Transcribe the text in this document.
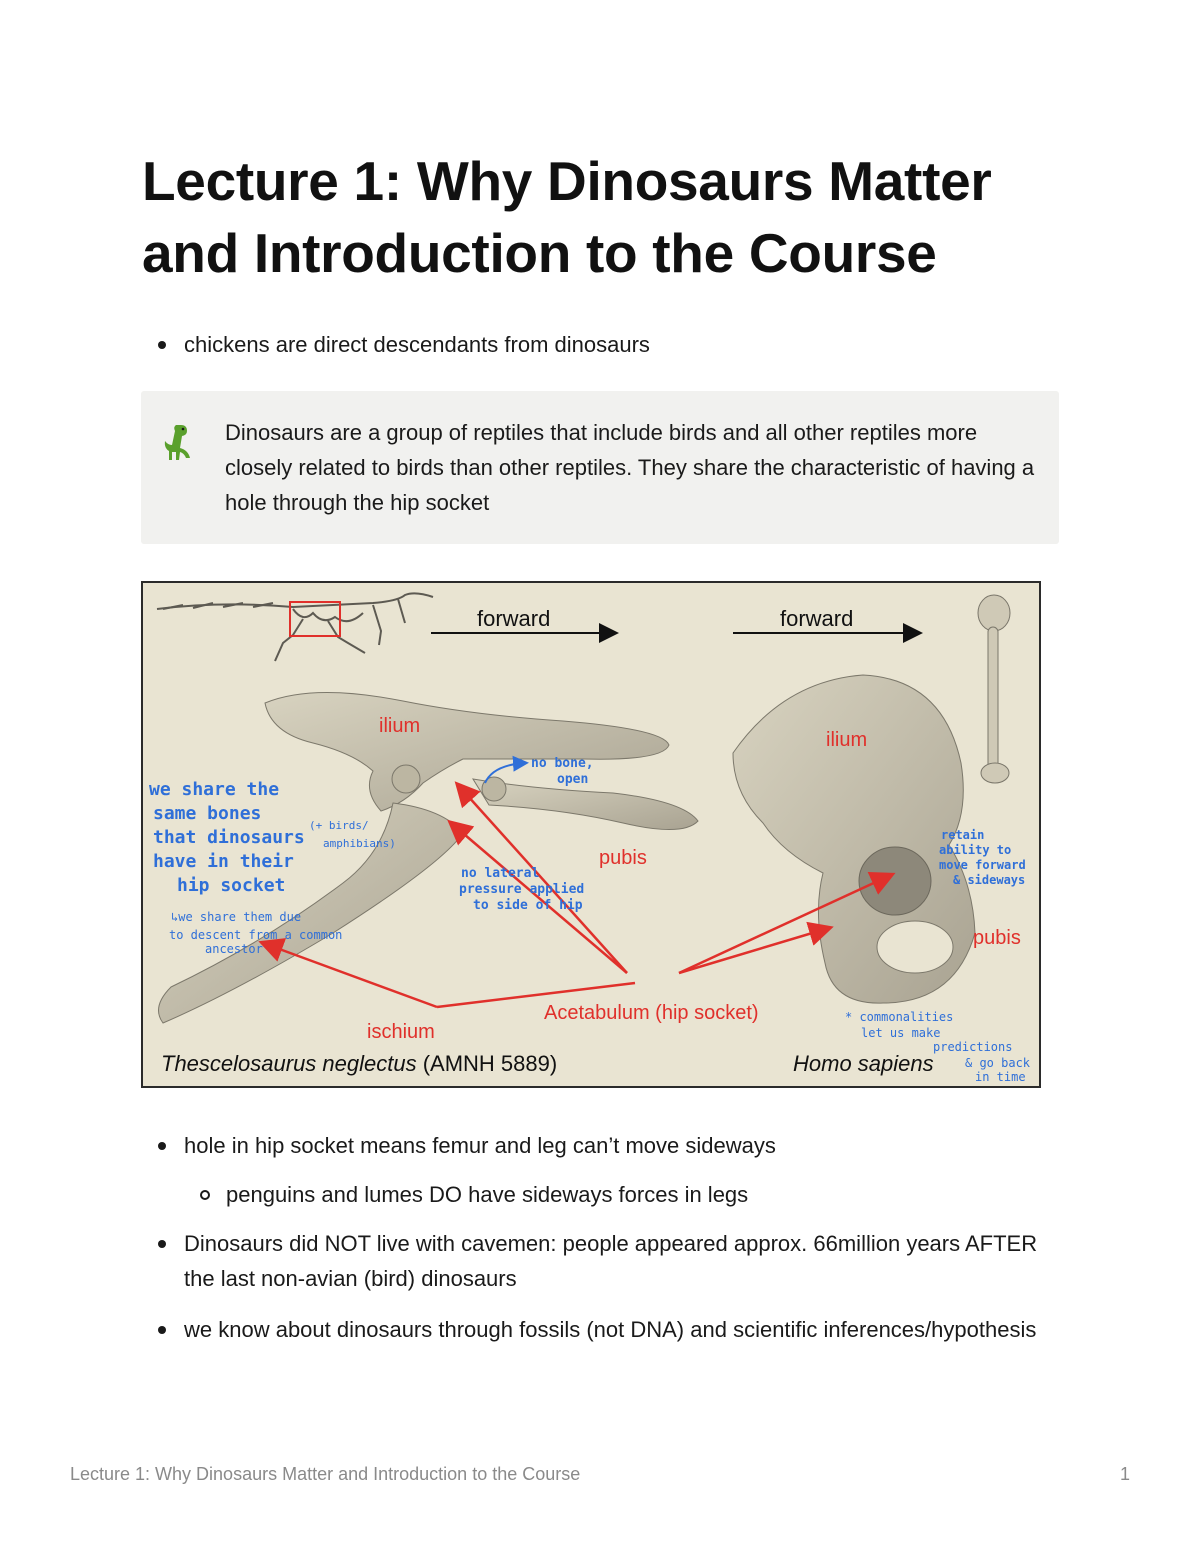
Lecture 1: Why Dinosaurs Matter and Introduction to the Course
chickens are direct descendants from dinosaurs
Dinosaurs are a group of reptiles that include birds and all other reptiles more closely related to birds than other reptiles. They share the characteristic of having a hole through the hip socket
forward	forward
ilium
ilium
pubis
pubis
ischium
Acetabulum (hip socket)
Thescelosaurus neglectus (AMNH 5889)	Homo sapiens
we share the
same bones
that dinosaurs
have in their
hip socket
(+ birds/
amphibians)
↳we share them due
to descent from a common
ancestor
no bone,
open
no lateral
pressure applied
to side of hip
retain
ability to
move forward
& sideways
* commonalities
let us make
predictions
& go back
in time
hole in hip socket means femur and leg can’t move sideways
penguins and lumes DO have sideways forces in legs
Dinosaurs did NOT live with cavemen: people appeared approx. 66million years AFTER the last non-avian (bird) dinosaurs
we know about dinosaurs through fossils (not DNA) and scientific inferences/hypothesis
Lecture 1: Why Dinosaurs Matter and Introduction to the Course	1
